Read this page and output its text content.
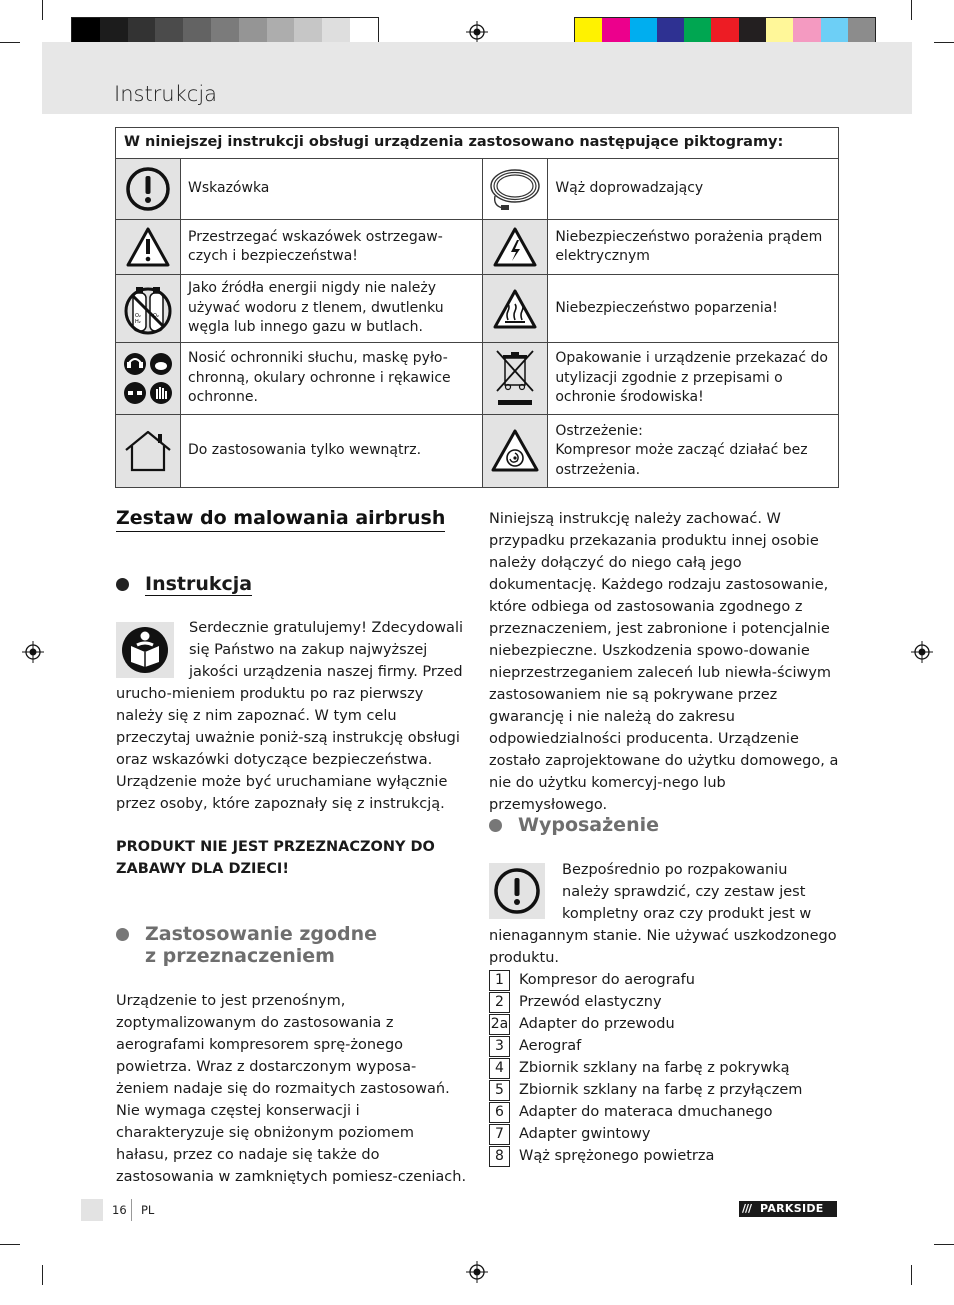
Instrukcja
W niniejszej instrukcji obsługi urządzenia zastosowano następujące piktogramy:			

	Wskazówka		Wąż doprowadzający

	Przestrzegać wskazówek ostrzegaw-czych i bezpieczeństwa!		Niebezpieczeństwo porażenia prądem elektrycznym

O₂
H₂
O₂	Jako źródła energii nigdy nie należy używać wodoru z tlenem, dwutlenku węgla lub innego gazu w butlach.		Niebezpieczeństwo poparzenia!

	Nosić ochronniki słuchu, maskę pyło-chronną, okulary ochronne i rękawice ochronne.		Opakowanie i urządzenie przekazać do utylizacji zgodnie z przepisami o ochronie środowiska!

	Do zastosowania tylko wewnątrz.		Ostrzeżenie:
Kompresor może zacząć działać bez ostrzeżenia.
Zestaw do malowania airbrush
Instrukcja
Serdecznie gratulujemy! Zdecydowali się Państwo na zakup najwyższej jakości urządzenia naszej firmy. Przed urucho-mieniem produktu po raz pierwszy należy się z nim zapoznać. W tym celu przeczytaj uważnie poniż-szą instrukcję obsługi oraz wskazówki dotyczące bezpieczeństwa. Urządzenie może być uruchamiane wyłącznie przez osoby, które zapoznały się z instrukcją.
PRODUKT NIE JEST PRZEZNACZONY DO ZABAWY DLA DZIECI!
Zastosowanie zgodne
z przeznaczeniem
Urządzenie to jest przenośnym, zoptymalizowanym do zastosowania z aerografami kompresorem sprę-żonego powietrza. Wraz z dostarczonym wyposa-żeniem nadaje się do rozmaitych zastosowań. Nie wymaga częstej konserwacji i charakteryzuje się obniżonym poziomem hałasu, przez co nadaje się także do zastosowania w zamkniętych pomiesz-czeniach.
Niniejszą instrukcję należy zachować. W przypadku przekazania produktu innej osobie należy dołączyć do niego całą jego dokumentację. Każdego rodzaju zastosowanie, które odbiega od zastosowania zgodnego z przeznaczeniem, jest zabronione i potencjalnie niebezpieczne. Uszkodzenia spowo-dowanie nieprzestrzeganiem zaleceń lub niewła-ściwym zastosowaniem nie są pokrywane przez gwarancję i nie należą do zakresu odpowiedzialności producenta. Urządzenie zostało zaprojektowane do użytku domowego, a nie do użytku komercyj-nego lub przemysłowego.
Wyposażenie
Bezpośrednio po rozpakowaniu należy sprawdzić, czy zestaw jest kompletny oraz czy produkt jest w nienagannym stanie. Nie używać uszkodzonego produktu.
1	Kompresor do aerografu
2	Przewód elastyczny
2a Adapter do przewodu
3	Aerograf
4	Zbiornik szklany na farbę z pokrywką
5	Zbiornik szklany na farbę z przyłączem
6	Adapter do materaca dmuchanego
7	Adapter gwintowy
8	Wąż sprężonego powietrza
16 PL	/// PARKSIDE
